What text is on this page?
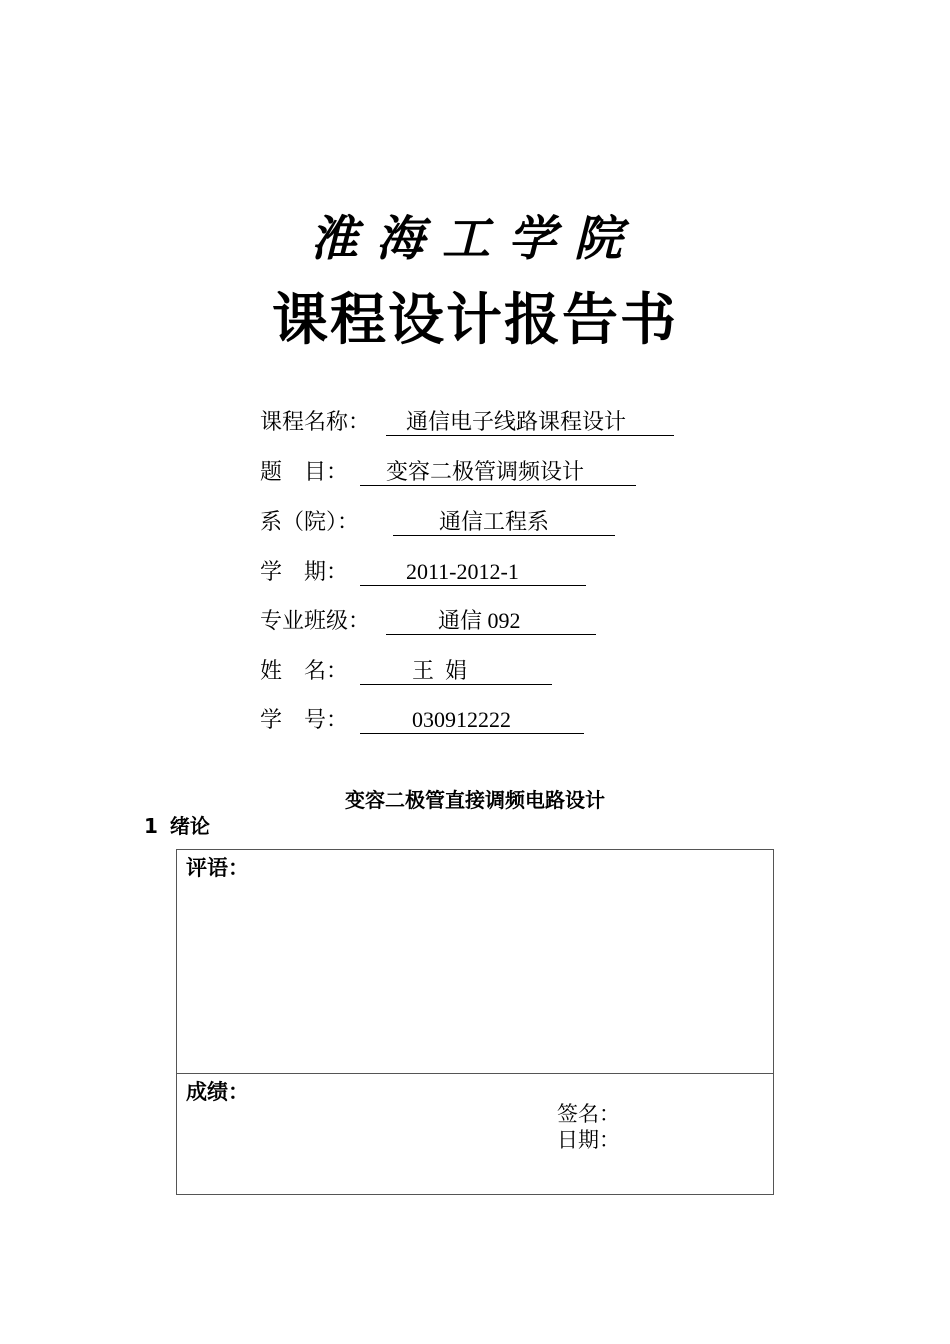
淮海工学院
课程设计报告书
课程名称： 通信电子线路课程设计
题　目： 变容二极管调频设计
系（院）：	通信工程系
学　期：	2011-2012-1
专业班级：	通信 092
姓　名：	王  娟
学　号：	030912222
变容二极管直接调频电路设计
1 绪论
评语：
成绩：
签名：
日期：
